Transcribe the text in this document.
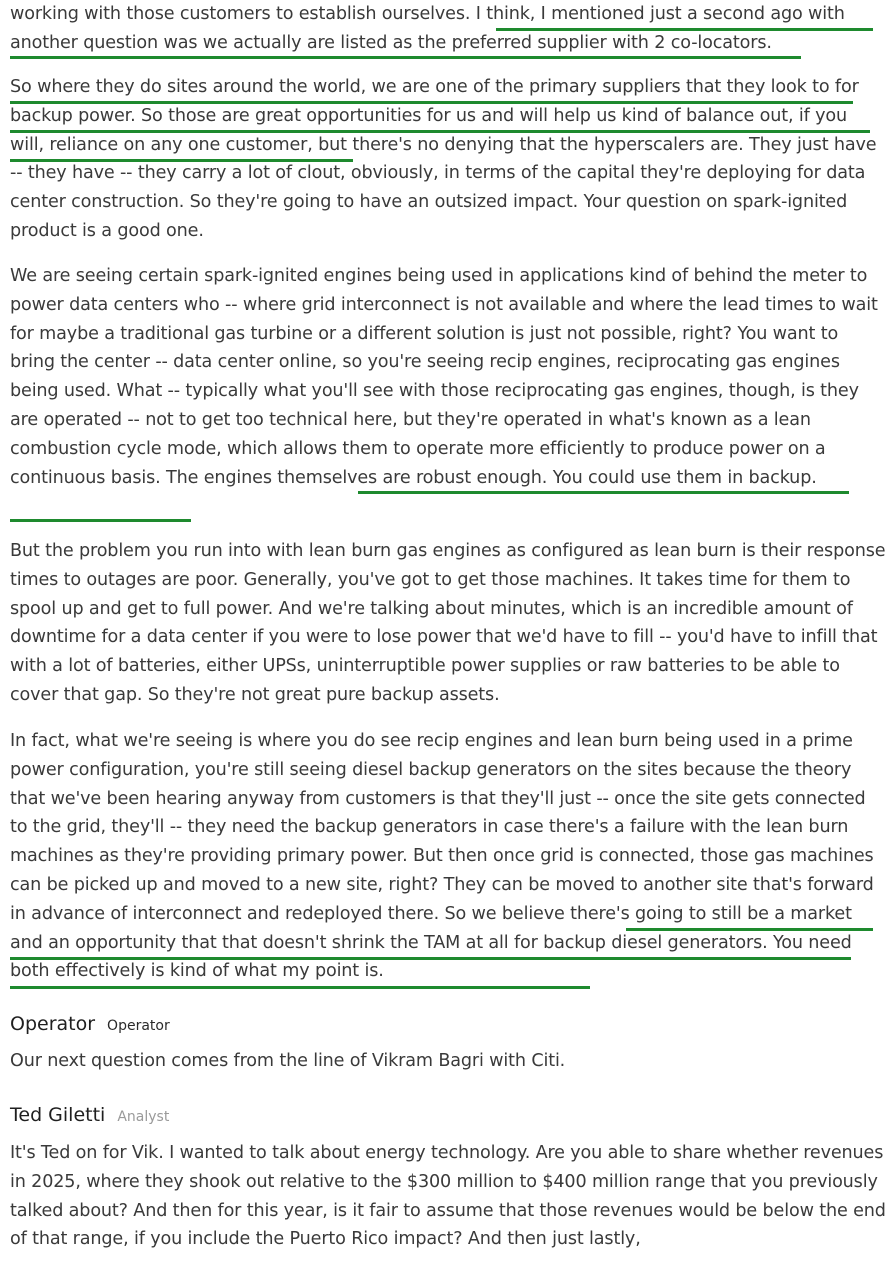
working with those customers to establish ourselves. I think, I mentioned just a second ago with another question was we actually are listed as the preferred supplier with 2 co-locators.

So where they do sites around the world, we are one of the primary suppliers that they look to for backup power. So those are great opportunities for us and will help us kind of balance out, if you will, reliance on any one customer, but there's no denying that the hyperscalers are. They just have -- they have -- they carry a lot of clout, obviously, in terms of the capital they're deploying for data center construction. So they're going to have an outsized impact. Your question on spark-ignited product is a good one.

We are seeing certain spark-ignited engines being used in applications kind of behind the meter to power data centers who -- where grid interconnect is not available and where the lead times to wait for maybe a traditional gas turbine or a different solution is just not possible, right? You want to bring the center -- data center online, so you're seeing recip engines, reciprocating gas engines being used. What -- typically what you'll see with those reciprocating gas engines, though, is they are operated -- not to get too technical here, but they're operated in what's known as a lean combustion cycle mode, which allows them to operate more efficiently to produce power on a continuous basis. The engines themselves are robust enough. You could use them in backup.

But the problem you run into with lean burn gas engines as configured as lean burn is their response times to outages are poor. Generally, you've got to get those machines. It takes time for them to spool up and get to full power. And we're talking about minutes, which is an incredible amount of downtime for a data center if you were to lose power that we'd have to fill -- you'd have to infill that with a lot of batteries, either UPSs, uninterruptible power supplies or raw batteries to be able to cover that gap. So they're not great pure backup assets.

In fact, what we're seeing is where you do see recip engines and lean burn being used in a prime power configuration, you're still seeing diesel backup generators on the sites because the theory that we've been hearing anyway from customers is that they'll just -- once the site gets connected to the grid, they'll -- they need the backup generators in case there's a failure with the lean burn machines as they're providing primary power. But then once grid is connected, those gas machines can be picked up and moved to a new site, right? They can be moved to another site that's forward in advance of interconnect and redeployed there. So we believe there's going to still be a market and an opportunity that that doesn't shrink the TAM at all for backup diesel generators. You need both effectively is kind of what my point is.

Operator Operator

Our next question comes from the line of Vikram Bagri with Citi.

Ted Giletti Analyst

It's Ted on for Vik. I wanted to talk about energy technology. Are you able to share whether revenues in 2025, where they shook out relative to the $300 million to $400 million range that you previously talked about? And then for this year, is it fair to assume that those revenues would be below the end of that range, if you include the Puerto Rico impact? And then just lastly,
